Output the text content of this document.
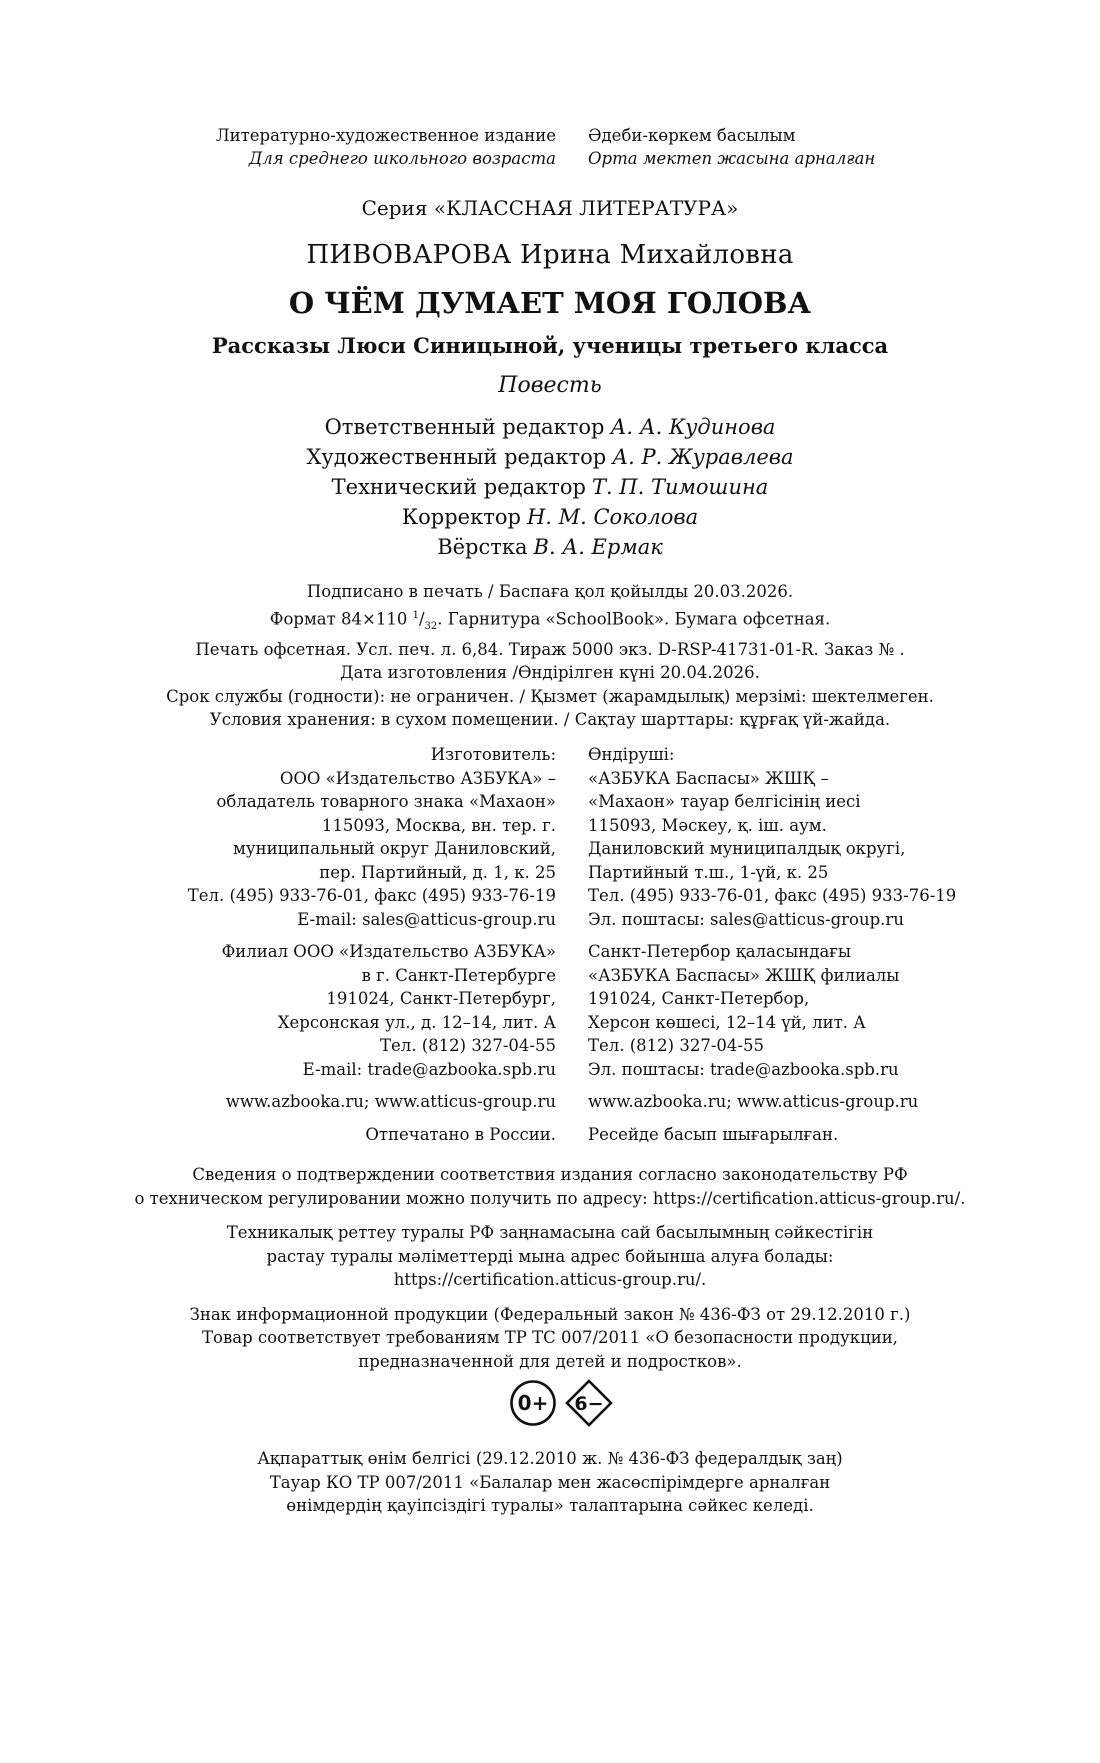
Литературно-художественное издание
Для среднего школьного возраста
Әдеби-көркем басылым
Орта мектеп жасына арналған
Серия «КЛАССНАЯ ЛИТЕРАТУРА»
ПИВОВАРОВА Ирина Михайловна
О ЧЁМ ДУМАЕТ МОЯ ГОЛОВА
Рассказы Люси Синицыной, ученицы третьего класса
Повесть
Ответственный редактор А. А. Кудинова
Художественный редактор А. Р. Журавлева
Технический редактор Т. П. Тимошина
Корректор Н. М. Соколова
Вёрстка В. А. Ермак
Подписано в печать / Баспаға қол қойылды 20.03.2026.
Формат 84×110 $^1/_{32}$. Гарнитура «SchoolBook». Бумага офсетная.
Печать офсетная. Усл. печ. л. 6,84. Тираж 5000 экз. D-RSP-41731-01-R. Заказ № .
Дата изготовления /Өндірілген күні 20.04.2026.
Срок службы (годности): не ограничен. / Қызмет (жарамдылық) мерзімі: шектелмеген.
Условия хранения: в сухом помещении. / Сақтау шарттары: құрғақ үй-жайда.
Изготовитель:
ООО «Издательство АЗБУКА» –
обладатель товарного знака «Махаон»
115093, Москва, вн. тер. г.
муниципальный округ Даниловский,
пер. Партийный, д. 1, к. 25
Тел. (495) 933-76-01, факс (495) 933-76-19
E-mail: sales@atticus-group.ru
Өндіруші:
«АЗБУКА Баспасы» ЖШҚ –
«Махаон» тауар белгісінің иесі
115093, Мәскеу, қ. іш. аум.
Даниловский муниципалдық округі,
Партийный т.ш., 1-үй, к. 25
Тел. (495) 933-76-01, факс (495) 933-76-19
Эл. поштасы: sales@atticus-group.ru
Филиал ООО «Издательство АЗБУКА»
в г. Санкт-Петербурге
191024, Санкт-Петербург,
Херсонская ул., д. 12–14, лит. А
Тел. (812) 327-04-55
E-mail: trade@azbooka.spb.ru
Санкт-Петербор қаласындағы
«АЗБУКА Баспасы» ЖШҚ филиалы
191024, Санкт-Петербор,
Херсон көшесі, 12–14 үй, лит. А
Тел. (812) 327-04-55
Эл. поштасы: trade@azbooka.spb.ru
www.azbooka.ru; www.atticus-group.ru	www.azbooka.ru; www.atticus-group.ru
Отпечатано в России.	Ресейде басып шығарылған.
Сведения о подтверждении соответствия издания согласно законодательству РФ
о техническом регулировании можно получить по адресу: https://certification.atticus-group.ru/.
Техникалық реттеу туралы РФ заңнамасына сай басылымның сәйкестігін
растау туралы мәліметтерді мына адрес бойынша алуға болады:
https://certification.atticus-group.ru/.
Знак информационной продукции (Федеральный закон № 436-ФЗ от 29.12.2010 г.)
Товар соответствует требованиям ТР ТС 007/2011 «О безопасности продукции,
предназначенной для детей и подростков».
0+ 6−
Ақпараттық өнім белгісі (29.12.2010 ж. № 436-ФЗ федералдық заң)
Тауар КО ТР 007/2011 «Балалар мен жасөспірімдерге арналған
өнімдердің қауіпсіздігі туралы» талаптарына сәйкес келеді.
